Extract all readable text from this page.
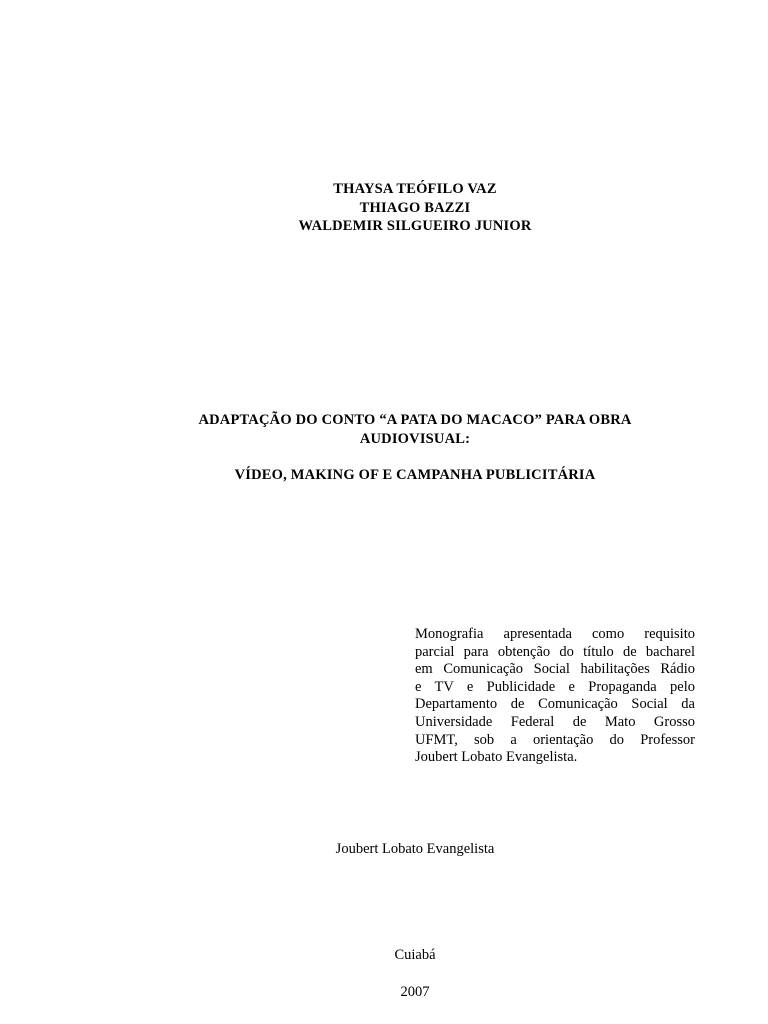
THAYSA TEÓFILO VAZ
THIAGO BAZZI
WALDEMIR SILGUEIRO JUNIOR
ADAPTAÇÃO DO CONTO “A PATA DO MACACO” PARA OBRA
AUDIOVISUAL:
VÍDEO, MAKING OF E CAMPANHA PUBLICITÁRIA
Monografia apresentada como requisito
parcial para obtenção do título de bacharel
em Comunicação Social habilitações Rádio
e TV e Publicidade e Propaganda pelo
Departamento de Comunicação Social da
Universidade Federal de Mato Grosso
UFMT, sob a orientação do Professor
Joubert Lobato Evangelista.
Joubert Lobato Evangelista
Cuiabá
2007
